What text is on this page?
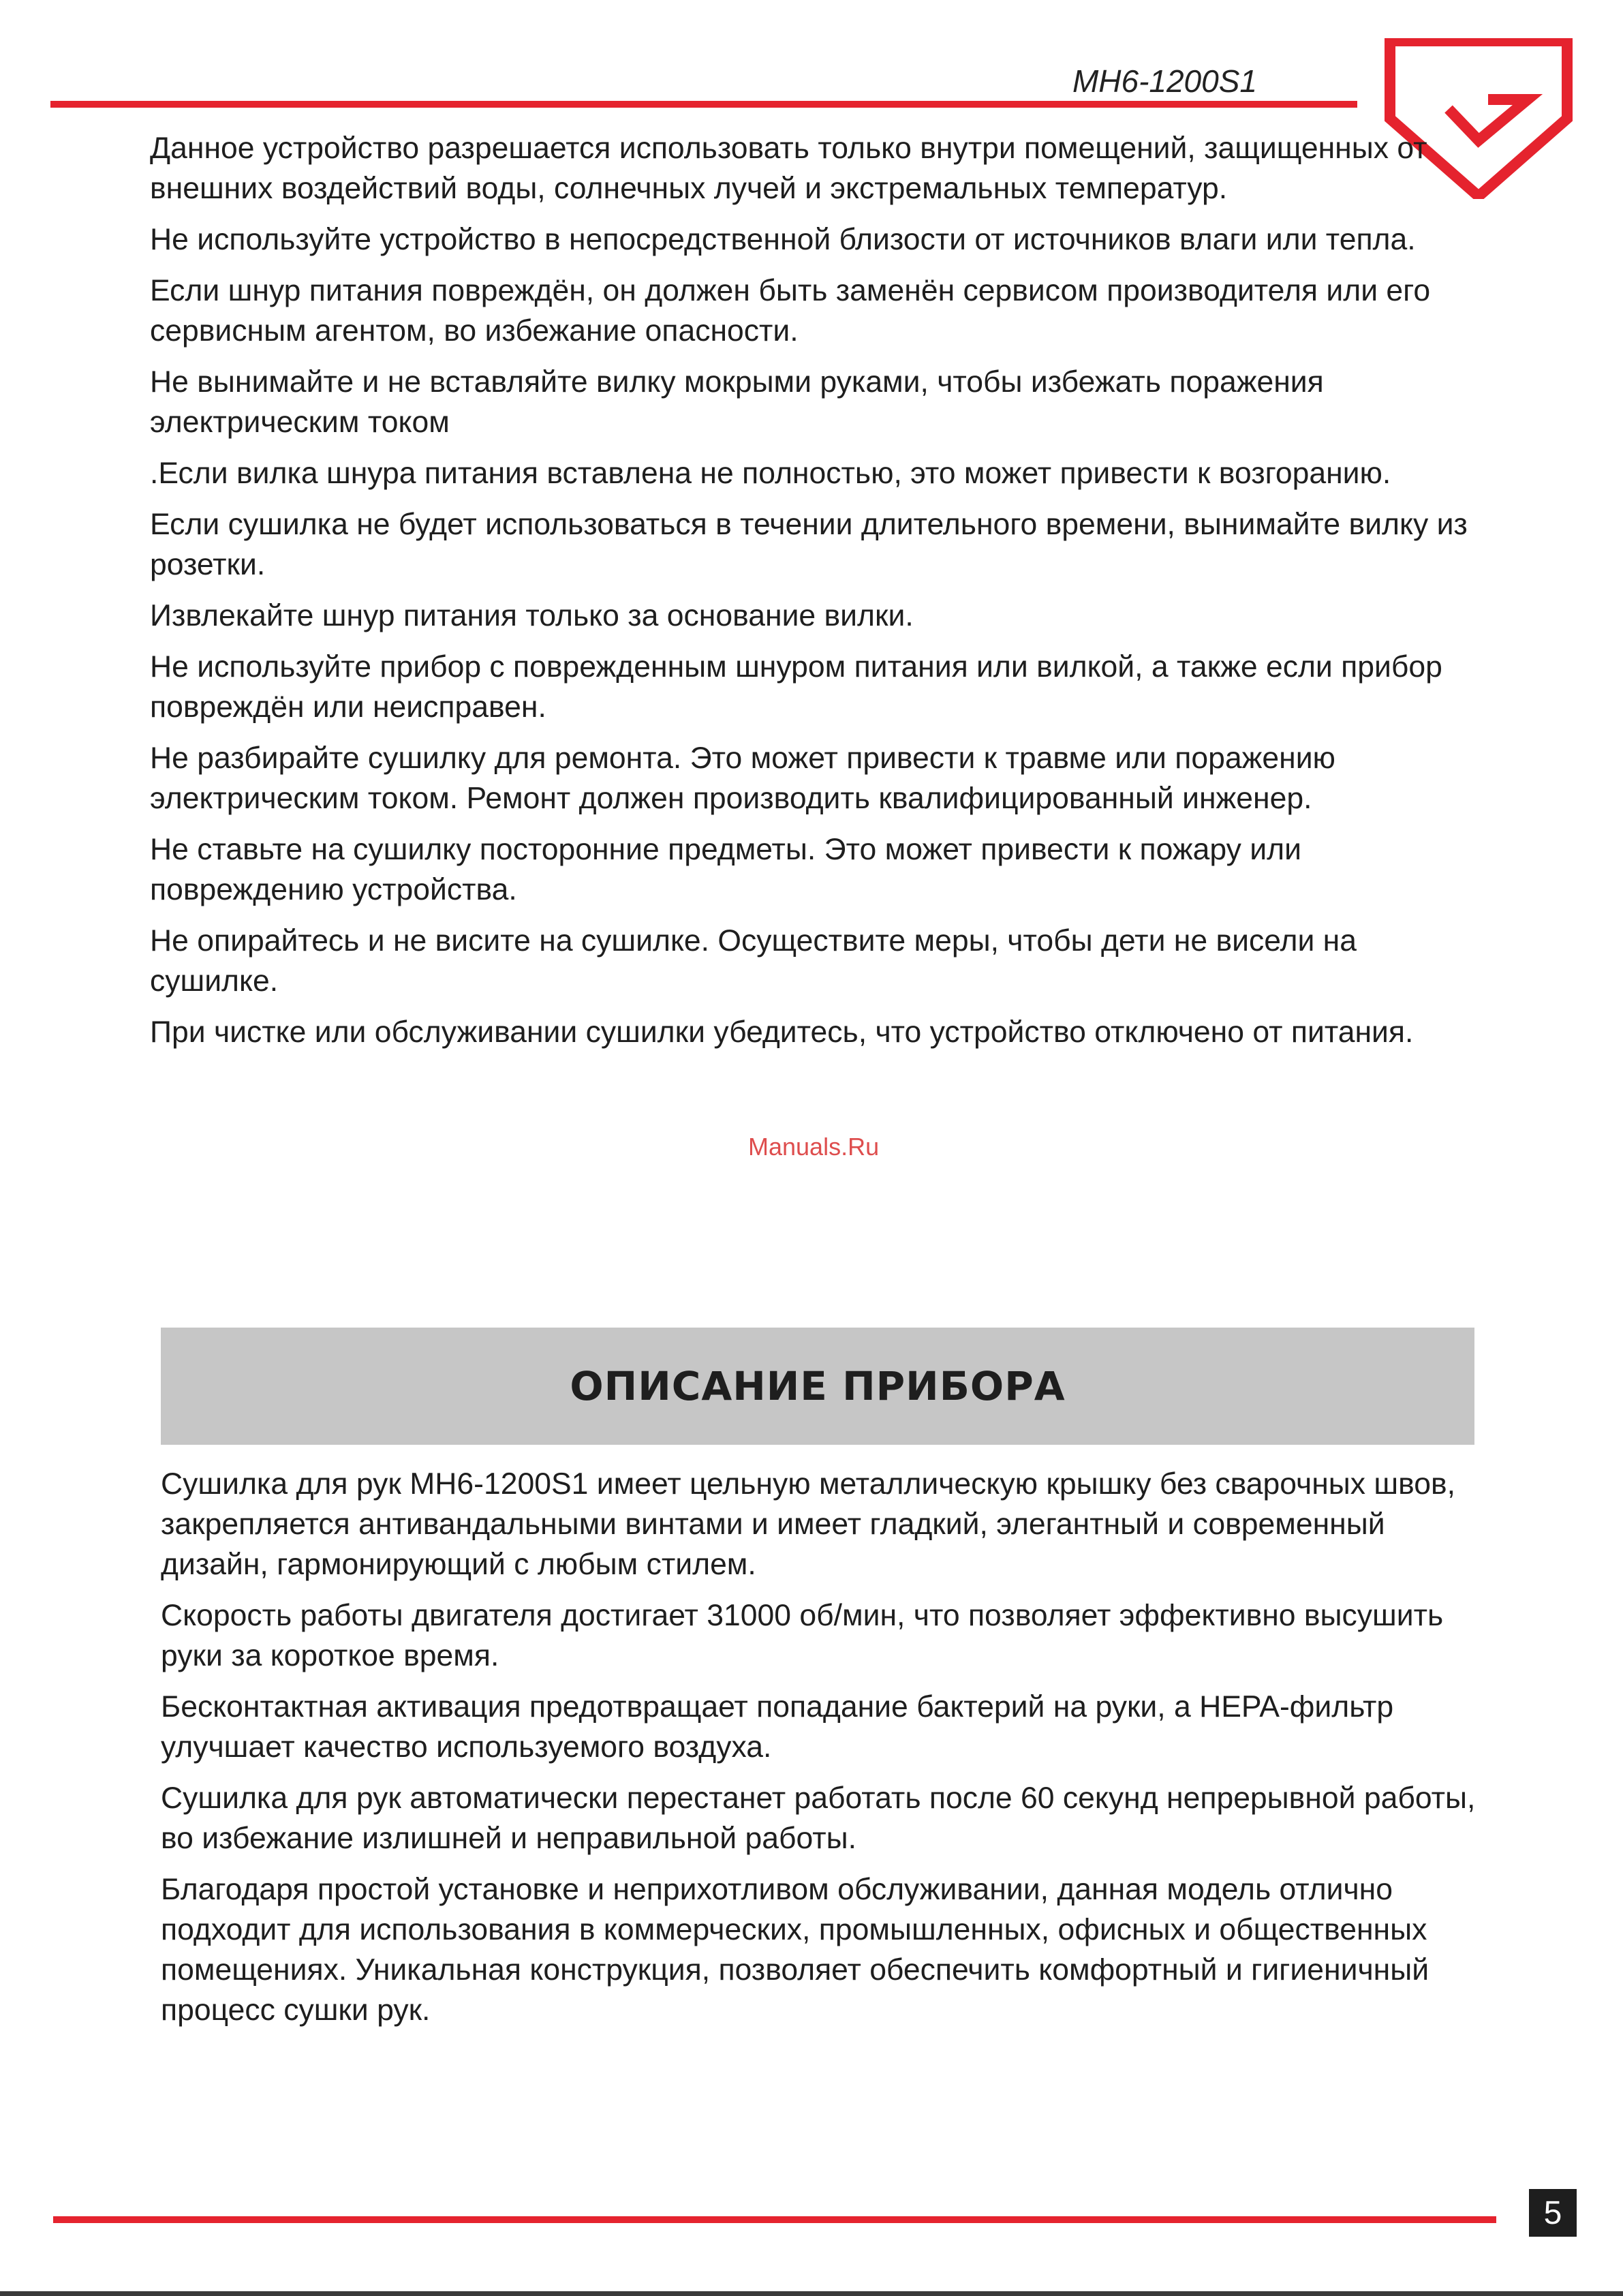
MH6-1200S1

Данное устройство разрешается использовать только внутри помещений, защищенных от внешних воздействий воды, солнечных лучей и экстремальных температур.

Не используйте устройство в непосредственной близости от источников влаги или тепла.

Если шнур питания повреждён, он должен быть заменён сервисом производителя или его сервисным агентом, во избежание опасности.

Не вынимайте и не вставляйте вилку мокрыми руками, чтобы избежать поражения электрическим током

.Если вилка шнура питания вставлена не полностью, это может привести к возгоранию.

Если сушилка не будет использоваться в течении длительного времени, вынимайте вилку из розетки.

Извлекайте шнур питания только за основание вилки.

Не используйте прибор с поврежденным шнуром питания или вилкой, а также если прибор повреждён или неисправен.

Не разбирайте сушилку для ремонта. Это может привести к травме или поражению электрическим током. Ремонт должен производить квалифицированный инженер.

Не ставьте на сушилку посторонние предметы. Это может привести к пожару или повреждению устройства.

Не опирайтесь и не висите на сушилке. Осуществите меры, чтобы дети не висели на сушилке.

При чистке или обслуживании сушилки убедитесь, что устройство отключено от питания.

Manuals.Ru
ОПИСАНИЕ ПРИБОРА

Сушилка для рук MH6-1200S1 имеет цельную металлическую крышку без сварочных швов, закрепляется антивандальными винтами и имеет гладкий, элегантный и современный дизайн, гармонирующий с любым стилем.

Скорость работы двигателя достигает 31000 об/мин, что позволяет эффективно высушить руки за короткое время.

Бесконтактная активация предотвращает попадание бактерий на руки, а HEPA-фильтр улучшает качество используемого воздуха.

Сушилка для рук автоматически перестанет работать после 60 секунд непрерывной работы, во избежание излишней и неправильной работы.

Благодаря простой установке и неприхотливом обслуживании, данная модель отлично подходит для использования в коммерческих, промышленных, офисных и общественных помещениях. Уникальная конструкция, позволяет обеспечить комфортный и гигиеничный процесс сушки рук.

5
